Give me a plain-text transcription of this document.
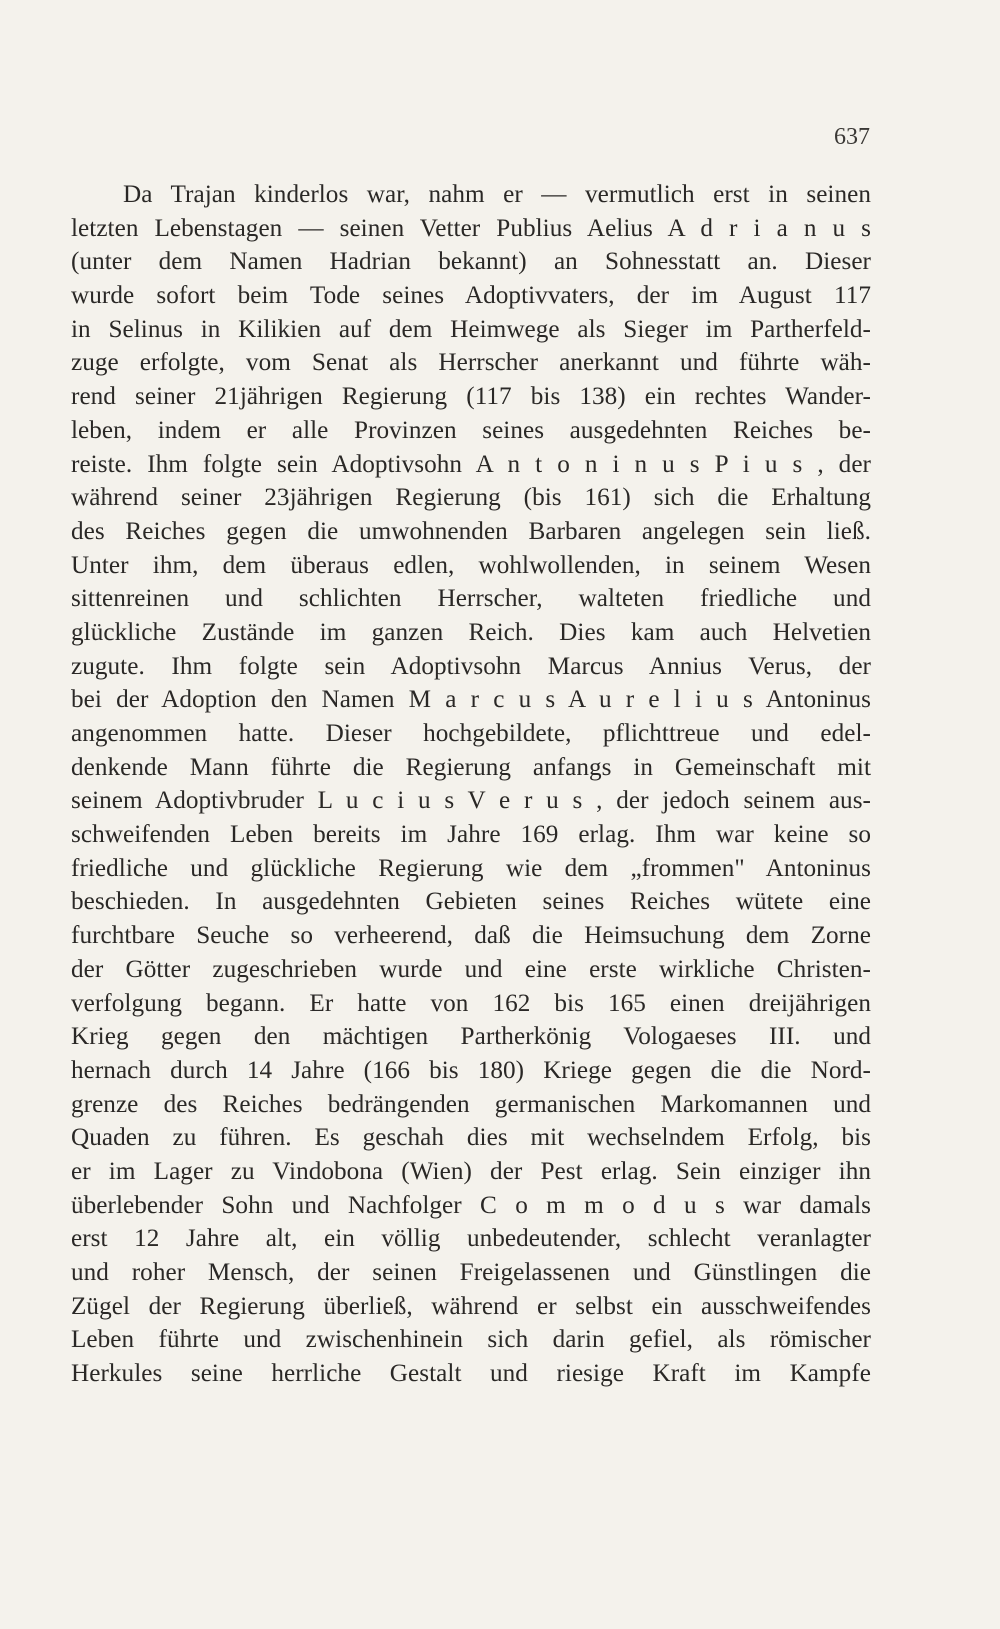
637
Da Trajan kinderlos war, nahm er — vermutlich erst in seinen
letzten Lebenstagen — seinen Vetter Publius Aelius A d r i a n u s
(unter dem Namen Hadrian bekannt) an Sohnesstatt an. Dieser
wurde sofort beim Tode seines Adoptivvaters, der im August 117
in Selinus in Kilikien auf dem Heimwege als Sieger im Partherfeld-
zuge erfolgte, vom Senat als Herrscher anerkannt und führte wäh-
rend seiner 21jährigen Regierung (117 bis 138) ein rechtes Wander-
leben, indem er alle Provinzen seines ausgedehnten Reiches be-
reiste. Ihm folgte sein Adoptivsohn A n t o n i n u s P i u s , der
während seiner 23jährigen Regierung (bis 161) sich die Erhaltung
des Reiches gegen die umwohnenden Barbaren angelegen sein ließ.
Unter ihm, dem überaus edlen, wohlwollenden, in seinem Wesen
sittenreinen und schlichten Herrscher, walteten friedliche und
glückliche Zustände im ganzen Reich. Dies kam auch Helvetien
zugute. Ihm folgte sein Adoptivsohn Marcus Annius Verus, der
bei der Adoption den Namen M a r c u s A u r e l i u s Antoninus
angenommen hatte. Dieser hochgebildete, pflichttreue und edel-
denkende Mann führte die Regierung anfangs in Gemeinschaft mit
seinem Adoptivbruder L u c i u s V e r u s , der jedoch seinem aus-
schweifenden Leben bereits im Jahre 169 erlag. Ihm war keine so
friedliche und glückliche Regierung wie dem „frommen" Antoninus
beschieden. In ausgedehnten Gebieten seines Reiches wütete eine
furchtbare Seuche so verheerend, daß die Heimsuchung dem Zorne
der Götter zugeschrieben wurde und eine erste wirkliche Christen-
verfolgung begann. Er hatte von 162 bis 165 einen dreijährigen
Krieg gegen den mächtigen Partherkönig Vologaeses III. und
hernach durch 14 Jahre (166 bis 180) Kriege gegen die die Nord-
grenze des Reiches bedrängenden germanischen Markomannen und
Quaden zu führen. Es geschah dies mit wechselndem Erfolg, bis
er im Lager zu Vindobona (Wien) der Pest erlag. Sein einziger ihn
überlebender Sohn und Nachfolger C o m m o d u s war damals
erst 12 Jahre alt, ein völlig unbedeutender, schlecht veranlagter
und roher Mensch, der seinen Freigelassenen und Günstlingen die
Zügel der Regierung überließ, während er selbst ein ausschweifendes
Leben führte und zwischenhinein sich darin gefiel, als römischer
Herkules seine herrliche Gestalt und riesige Kraft im Kampfe
